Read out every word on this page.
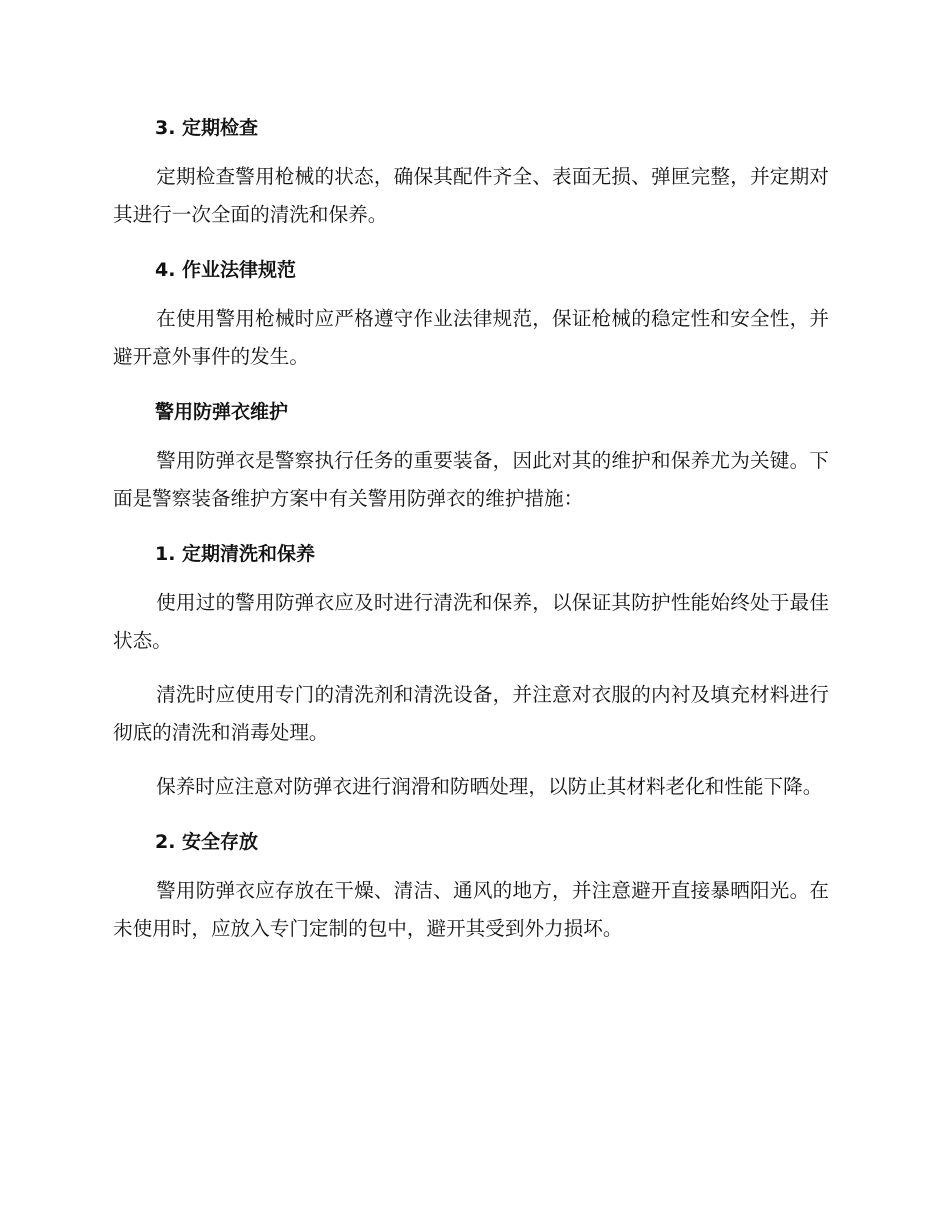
3. 定期检查

定期检查警用枪械的状态，确保其配件齐全、表面无损、弹匣完整，并定期对其进行一次全面的清洗和保养。

4. 作业法律规范

在使用警用枪械时应严格遵守作业法律规范，保证枪械的稳定性和安全性，并避开意外事件的发生。

警用防弹衣维护

警用防弹衣是警察执行任务的重要装备，因此对其的维护和保养尤为关键。下面是警察装备维护方案中有关警用防弹衣的维护措施：

1. 定期清洗和保养

使用过的警用防弹衣应及时进行清洗和保养，以保证其防护性能始终处于最佳状态。

清洗时应使用专门的清洗剂和清洗设备，并注意对衣服的内衬及填充材料进行彻底的清洗和消毒处理。

保养时应注意对防弹衣进行润滑和防晒处理，以防止其材料老化和性能下降。

2. 安全存放

警用防弹衣应存放在干燥、清洁、通风的地方，并注意避开直接暴晒阳光。在未使用时，应放入专门定制的包中，避开其受到外力损坏。
